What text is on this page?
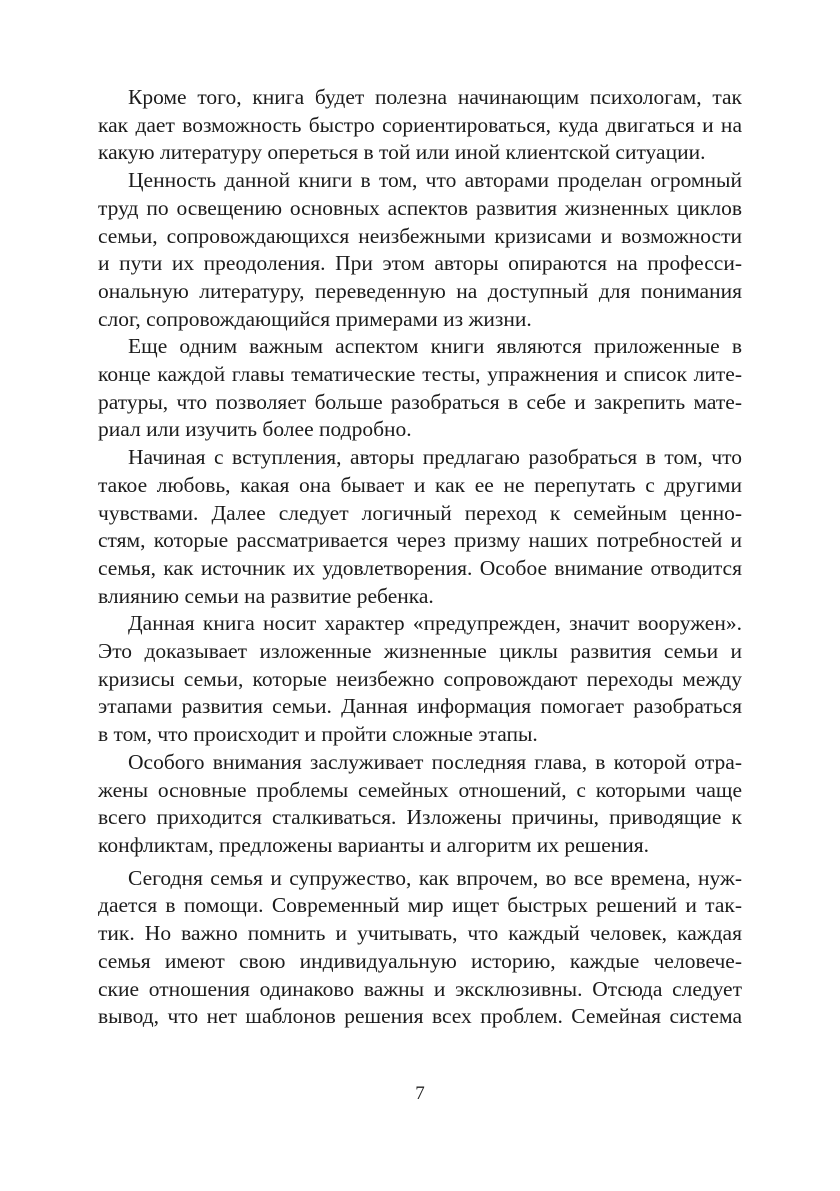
Кроме того, книга будет полезна начинающим психологам, так
как дает возможность быстро сориентироваться, куда двигаться и на
какую литературу опереться в той или иной клиентской ситуации.

Ценность данной книги в том, что авторами проделан огромный
труд по освещению основных аспектов развития жизненных циклов
семьи, сопровождающихся неизбежными кризисами и возможности
и пути их преодоления. При этом авторы опираются на професси-
ональную литературу, переведенную на доступный для понимания
слог, сопровождающийся примерами из жизни.

Еще одним важным аспектом книги являются приложенные в
конце каждой главы тематические тесты, упражнения и список лите-
ратуры, что позволяет больше разобраться в себе и закрепить мате-
риал или изучить более подробно.

Начиная с вступления, авторы предлагаю разобраться в том, что
такое любовь, какая она бывает и как ее не перепутать с другими
чувствами. Далее следует логичный переход к семейным ценно-
стям, которые рассматривается через призму наших потребностей и
семья, как источник их удовлетворения. Особое внимание отводится
влиянию семьи на развитие ребенка.

Данная книга носит характер «предупрежден, значит вооружен».
Это доказывает изложенные жизненные циклы развития семьи и
кризисы семьи, которые неизбежно сопровождают переходы между
этапами развития семьи. Данная информация помогает разобраться
в том, что происходит и пройти сложные этапы.

Особого внимания заслуживает последняя глава, в которой отра-
жены основные проблемы семейных отношений, с которыми чаще
всего приходится сталкиваться. Изложены причины, приводящие к
конфликтам, предложены варианты и алгоритм их решения.

Сегодня семья и супружество, как впрочем, во все времена, нуж-
дается в помощи. Современный мир ищет быстрых решений и так-
тик. Но важно помнить и учитывать, что каждый человек, каждая
семья имеют свою индивидуальную историю, каждые человече-
ские отношения одинаково важны и эксклюзивны. Отсюда следует
вывод, что нет шаблонов решения всех проблем. Семейная система

7
